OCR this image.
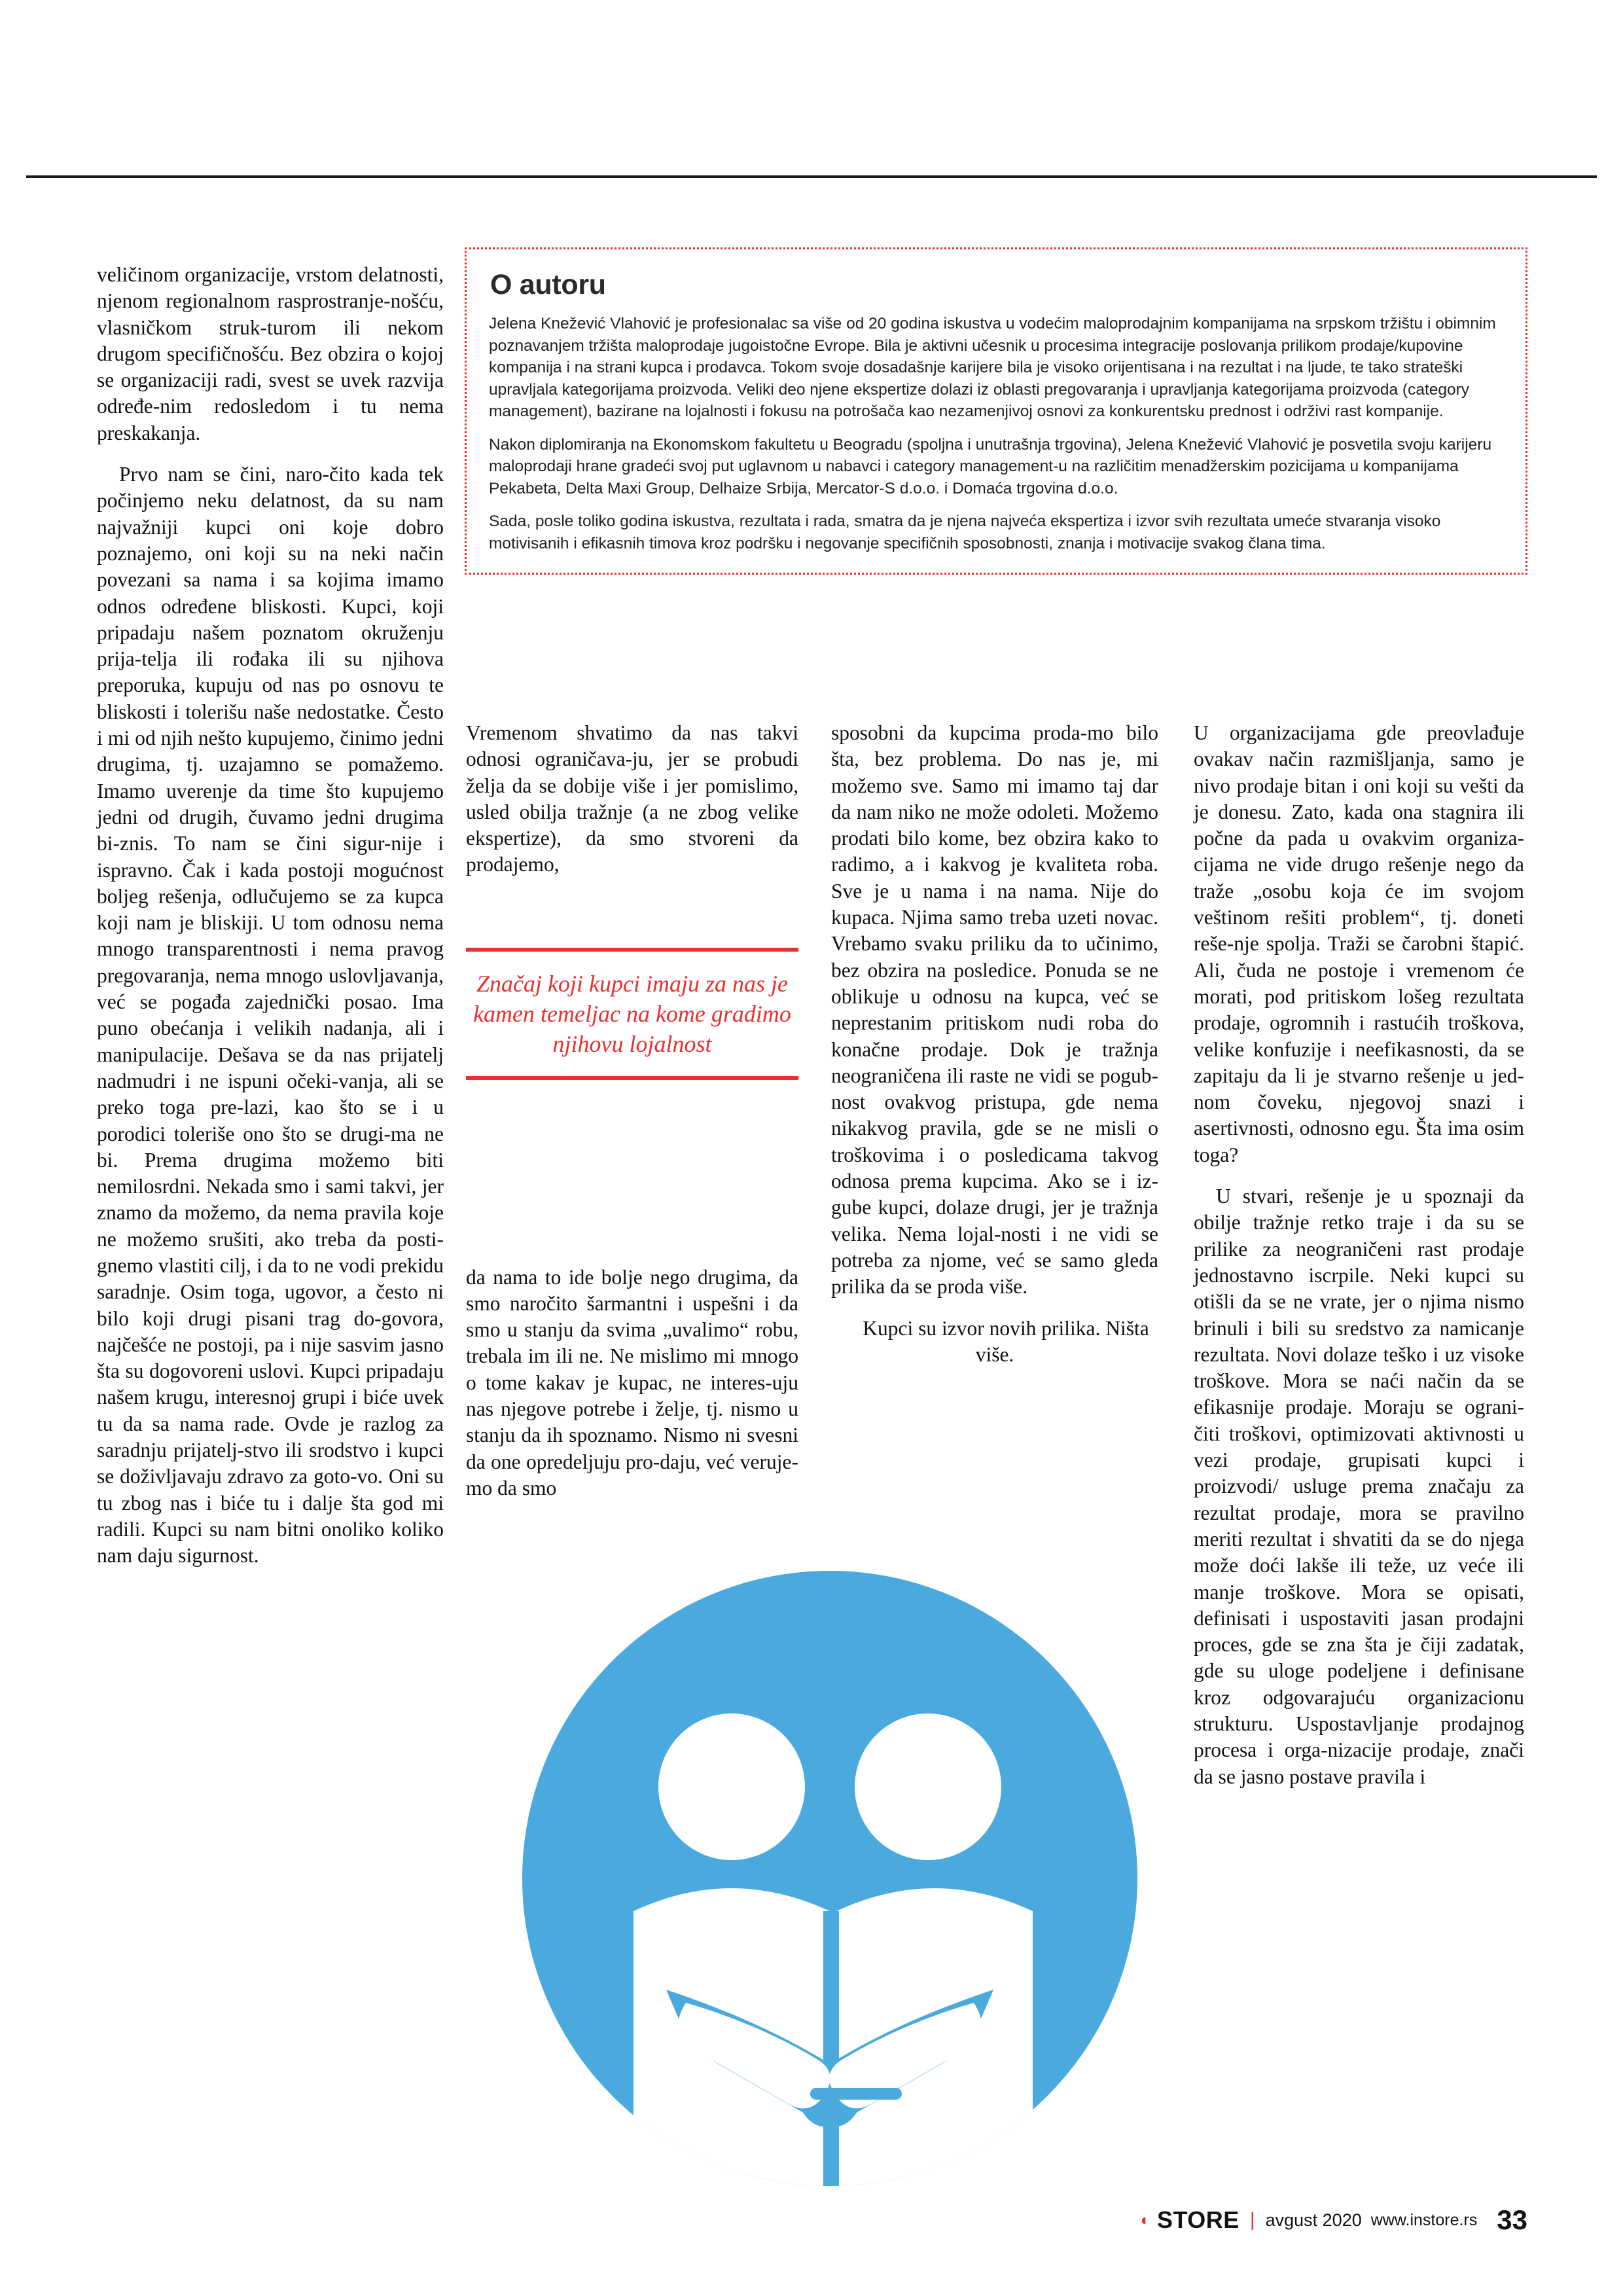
veličinom organizacije, vrstom delatnosti, njenom regionalnom rasprostranje-nošću, vlasničkom struk-turom ili nekom drugom specifičnošću. Bez obzira o kojoj se organizaciji radi, svest se uvek razvija određe-nim redosledom i tu nema preskakanja.

Prvo nam se čini, naro-čito kada tek počinjemo neku delatnost, da su nam najvažniji kupci oni koje dobro poznajemo, oni koji su na neki način povezani sa nama i sa kojima imamo odnos određene bliskosti. Kupci, koji pripadaju našem poznatom okruženju prija-telja ili rođaka ili su njihova preporuka, kupuju od nas po osnovu te bliskosti i tolerišu naše nedostatke. Često i mi od njih nešto kupujemo, činimo jedni drugima, tj. uzajamno se pomažemo. Imamo uverenje da time što kupujemo jedni od drugih, čuvamo jedni drugima bi-znis. To nam se čini sigur-nije i ispravno. Čak i kada postoji mogućnost boljeg rešenja, odlučujemo se za kupca koji nam je bliskiji. U tom odnosu nema mnogo transparentnosti i nema pravog pregovaranja, nema mnogo uslovljavanja, već se pogađa zajednički posao. Ima puno obećanja i velikih nadanja, ali i manipulacije. Dešava se da nas prijatelj nadmudri i ne ispuni očeki-vanja, ali se preko toga pre-lazi, kao što se i u porodici toleriše ono što se drugi-ma ne bi. Prema drugima možemo biti nemilosrdni. Nekada smo i sami takvi, jer znamo da možemo, da nema pravila koje ne možemo srušiti, ako treba da posti-gnemo vlastiti cilj, i da to ne vodi prekidu saradnje. Osim toga, ugovor, a često ni bilo koji drugi pisani trag do-govora, najčešće ne postoji, pa i nije sasvim jasno šta su dogovoreni uslovi. Kupci pripadaju našem krugu, interesnoj grupi i biće uvek tu da sa nama rade. Ovde je razlog za saradnju prijatelj-stvo ili srodstvo i kupci se doživljavaju zdravo za goto-vo. Oni su tu zbog nas i biće tu i dalje šta god mi radili. Kupci su nam bitni onoliko koliko nam daju sigurnost.

O autoru

Jelena Knežević Vlahović je profesionalac sa više od 20 godina iskustva u vodećim maloprodajnim kompanijama na srpskom tržištu i obimnim poznavanjem tržišta maloprodaje jugoistočne Evrope. Bila je aktivni učesnik u procesima integracije poslovanja prilikom prodaje/kupovine kompanija i na strani kupca i prodavca. Tokom svoje dosadašnje karijere bila je visoko orijentisana i na rezultat i na ljude, te tako strateški upravljala kategorijama proizvoda. Veliki deo njene ekspertize dolazi iz oblasti pregovaranja i upravljanja kategorijama proizvoda (category management), bazirane na lojalnosti i fokusu na potrošača kao nezamenjivoj osnovi za konkurentsku prednost i održivi rast kompanije.

Nakon diplomiranja na Ekonomskom fakultetu u Beogradu (spoljna i unutrašnja trgovina), Jelena Knežević Vlahović je posvetila svoju karijeru maloprodaji hrane gradeći svoj put uglavnom u nabavci i category management-u na različitim menadžerskim pozicijama u kompanijama Pekabeta, Delta Maxi Group, Delhaize Srbija, Mercator-S d.o.o. i Domaća trgovina d.o.o.

Sada, posle toliko godina iskustva, rezultata i rada, smatra da je njena najveća ekspertiza i izvor svih rezultata umeće stvaranja visoko motivisanih i efikasnih timova kroz podršku i negovanje specifičnih sposobnosti, znanja i motivacije svakog člana tima.

Vremenom shvatimo da nas takvi odnosi ograničava-ju, jer se probudi želja da se dobije više i jer pomislimo, usled obilja tražnje (a ne zbog velike ekspertize), da smo stvoreni da prodajemo,

Značaj koji kupci imaju za nas je kamen temeljac na kome gradimo njihovu lojalnost

da nama to ide bolje nego drugima, da smo naročito šarmantni i uspešni i da smo u stanju da svima „uvalimo“ robu, trebala im ili ne. Ne mislimo mi mnogo o tome kakav je kupac, ne interes-uju nas njegove potrebe i želje, tj. nismo u stanju da ih spoznamo. Nismo ni svesni da one opredeljuju pro-daju, već veruje-mo da smo

sposobni da kupcima proda-mo bilo šta, bez problema. Do nas je, mi možemo sve. Samo mi imamo taj dar da nam niko ne može odoleti. Možemo prodati bilo kome, bez obzira kako to radimo, a i kakvog je kvaliteta roba. Sve je u nama i na nama. Nije do kupaca. Njima samo treba uzeti novac. Vrebamo svaku priliku da to učinimo, bez obzira na posledice. Ponuda se ne oblikuje u odnosu na kupca, već se neprestanim pritiskom nudi roba do konačne prodaje. Dok je tražnja neograničena ili raste ne vidi se pogub-nost ovakvog pristupa, gde nema nikakvog pravila, gde se ne misli o troškovima i o posledicama takvog odnosa prema kupcima. Ako se i iz-gube kupci, dolaze drugi, jer je tražnja velika. Nema lojal-nosti i ne vidi se potreba za njome, već se samo gleda prilika da se proda više.

Kupci su izvor novih prilika. Ništa više.

U organizacijama gde preovlađuje ovakav način razmišljanja, samo je nivo prodaje bitan i oni koji su vešti da je donesu. Zato, kada ona stagnira ili počne da pada u ovakvim organiza-cijama ne vide drugo rešenje nego da traže „osobu koja će im svojom veštinom rešiti problem“, tj. doneti reše-nje spolja. Traži se čarobni štapić. Ali, čuda ne postoje i vremenom će morati, pod pritiskom lošeg rezultata prodaje, ogromnih i rastućih troškova, velike konfuzije i neefikasnosti, da se zapitaju da li je stvarno rešenje u jed-nom čoveku, njegovoj snazi i asertivnosti, odnosno egu. Šta ima osim toga?

U stvari, rešenje je u spoznaji da obilje tražnje retko traje i da su se prilike za neograničeni rast prodaje jednostavno iscrpile. Neki kupci su otišli da se ne vrate, jer o njima nismo brinuli i bili su sredstvo za namicanje rezultata. Novi dolaze teško i uz visoke troškove. Mora se naći način da se efikasnije prodaje. Moraju se ograni-čiti troškovi, optimizovati aktivnosti u vezi prodaje, grupisati kupci i proizvodi/ usluge prema značaju za rezultat prodaje, mora se pravilno meriti rezultat i shvatiti da se do njega može doći lakše ili teže, uz veće ili manje troškove. Mora se opisati, definisati i uspostaviti jasan prodajni proces, gde se zna šta je čiji zadatak, gde su uloge podeljene i definisane kroz odgovarajuću organizacionu strukturu. Uspostavljanje prodajnog procesa i orga-nizacije prodaje, znači da se jasno postave pravila i

◖ STORE | avgust 2020 www.instore.rs 33
